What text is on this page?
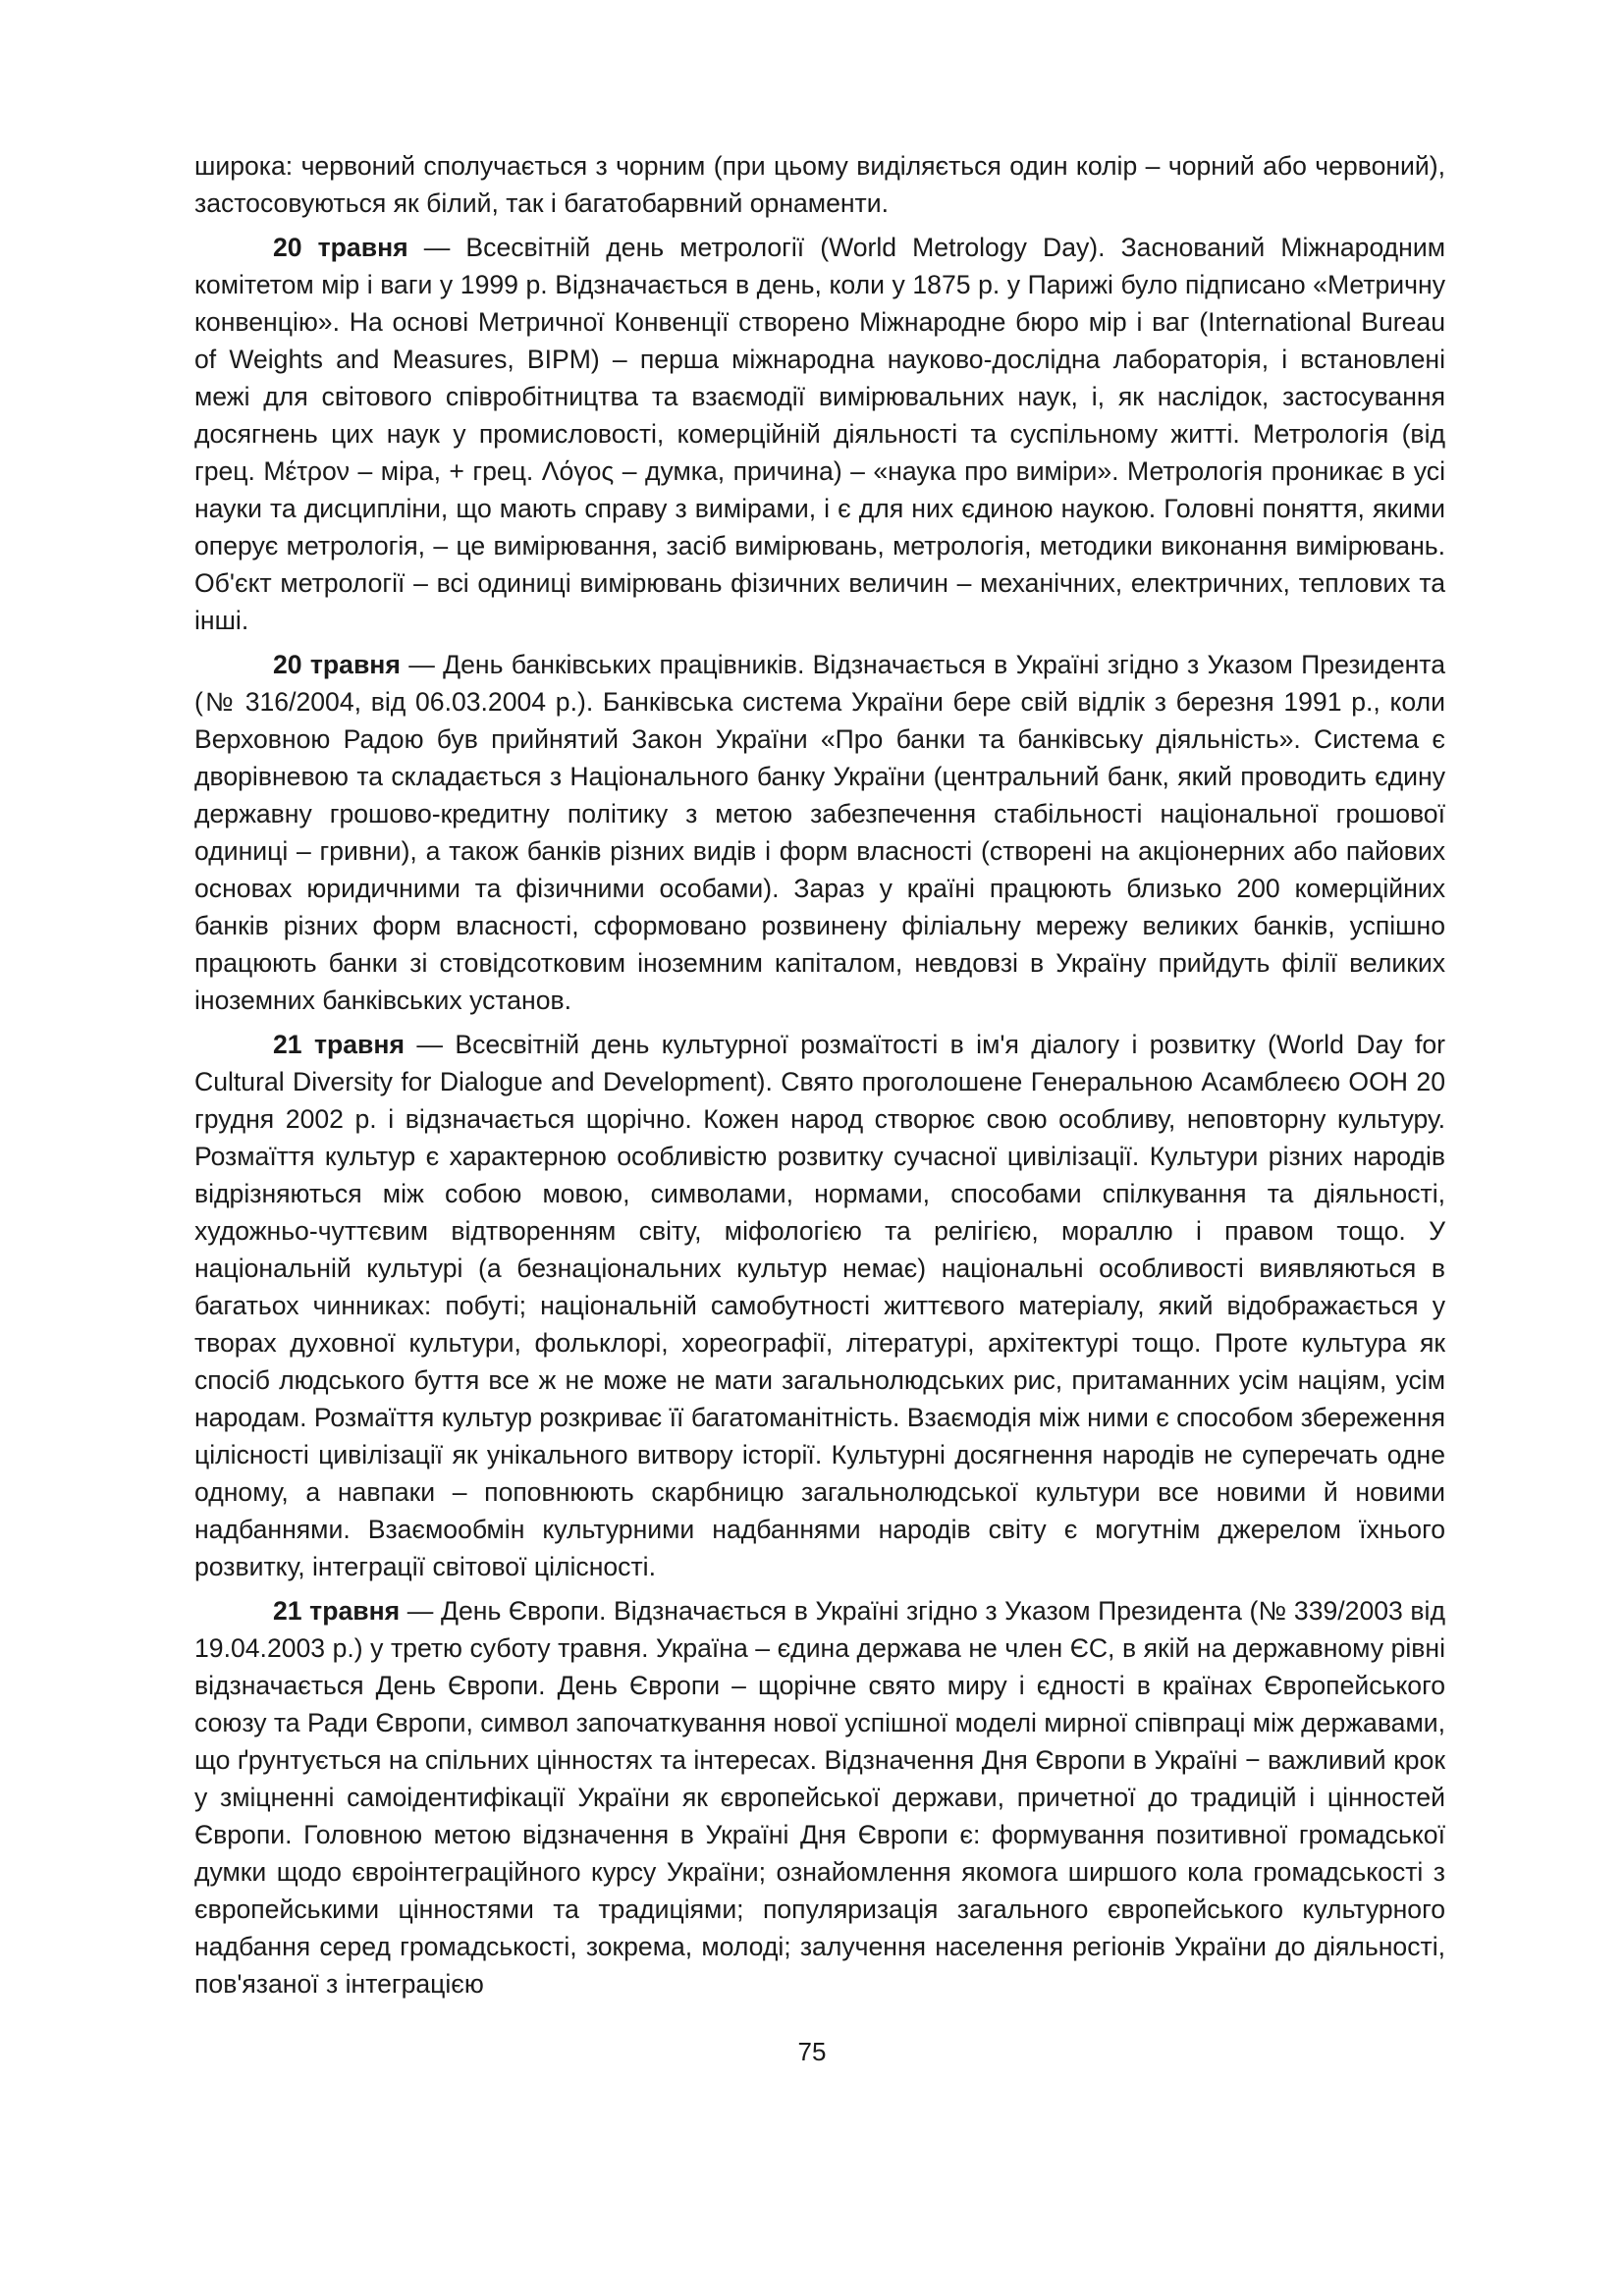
широка: червоний сполучається з чорним (при цьому виділяється один колір – чорний або червоний), застосовуються як білий, так і багатобарвний орнаменти.

20 травня — Всесвітній день метрології (World Metrology Day). Заснований Міжнародним комітетом мір і ваги у 1999 р. Відзначається в день, коли у 1875 р. у Парижі було підписано «Метричну конвенцію». На основі Метричної Конвенції створено Міжнародне бюро мір і ваг (International Bureau of Weights and Measures, BIPM) – перша міжнародна науково-дослідна лабораторія, і встановлені межі для світового співробітництва та взаємодії вимірювальних наук, і, як наслідок, застосування досягнень цих наук у промисловості, комерційній діяльності та суспільному житті. Метрологія (від грец. Μέτρον – міра, + грец. Λόγος – думка, причина) – «наука про виміри». Метрологія проникає в усі науки та дисципліни, що мають справу з вимірами, і є для них єдиною наукою. Головні поняття, якими оперує метрологія, – це вимірювання, засіб вимірювань, метрологія, методики виконання вимірювань. Об'єкт метрології – всі одиниці вимірювань фізичних величин – механічних, електричних, теплових та інші.

20 травня — День банківських працівників. Відзначається в Україні згідно з Указом Президента (№ 316/2004, від 06.03.2004 р.). Банківська система України бере свій відлік з березня 1991 р., коли Верховною Радою був прийнятий Закон України «Про банки та банківську діяльність». Система є дворівневою та складається з Національного банку України (центральний банк, який проводить єдину державну грошово-кредитну політику з метою забезпечення стабільності національної грошової одиниці – гривни), а також банків різних видів і форм власності (створені на акціонерних або пайових основах юридичними та фізичними особами). Зараз у країні працюють близько 200 комерційних банків різних форм власності, сформовано розвинену філіальну мережу великих банків, успішно працюють банки зі стовідсотковим іноземним капіталом, невдовзі в Україну прийдуть філії великих іноземних банківських установ.

21 травня — Всесвітній день культурної розмаїтості в ім'я діалогу і розвитку (World Day for Cultural Diversity for Dialogue and Development). Свято проголошене Генеральною Асамблеєю ООН 20 грудня 2002 р. і відзначається щорічно. Кожен народ створює свою особливу, неповторну культуру. Розмаїття культур є характерною особливістю розвитку сучасної цивілізації. Культури різних народів відрізняються між собою мовою, символами, нормами, способами спілкування та діяльності, художньо-чуттєвим відтворенням світу, міфологією та релігією, мораллю і правом тощо. У національній культурі (а безнаціональних культур немає) національні особливості виявляються в багатьох чинниках: побуті; національній самобутності життєвого матеріалу, який відображається у творах духовної культури, фольклорі, хореографії, літературі, архітектурі тощо. Проте культура як спосіб людського буття все ж не може не мати загальнолюдських рис, притаманних усім націям, усім народам. Розмаїття культур розкриває її багатоманітність. Взаємодія між ними є способом збереження цілісності цивілізації як унікального витвору історії. Культурні досягнення народів не суперечать одне одному, а навпаки – поповнюють скарбницю загальнолюдської культури все новими й новими надбаннями. Взаємообмін культурними надбаннями народів світу є могутнім джерелом їхнього розвитку, інтеграції світової цілісності.

21 травня — День Європи. Відзначається в Україні згідно з Указом Президента (№ 339/2003 від 19.04.2003 р.) у третю суботу травня. Україна – єдина держава не член ЄС, в якій на державному рівні відзначається День Європи. День Європи – щорічне свято миру і єдності в країнах Європейського союзу та Ради Європи, символ започаткування нової успішної моделі мирної співпраці між державами, що ґрунтується на спільних цінностях та інтересах. Відзначення Дня Європи в Україні − важливий крок у зміцненні самоідентифікації України як європейської держави, причетної до традицій і цінностей Європи. Головною метою відзначення в Україні Дня Європи є: формування позитивної громадської думки щодо євроінтеграційного курсу України; ознайомлення якомога ширшого кола громадськості з європейськими цінностями та традиціями; популяризація загального європейського культурного надбання серед громадськості, зокрема, молоді; залучення населення регіонів України до діяльності, пов'язаної з інтеграцією

75
